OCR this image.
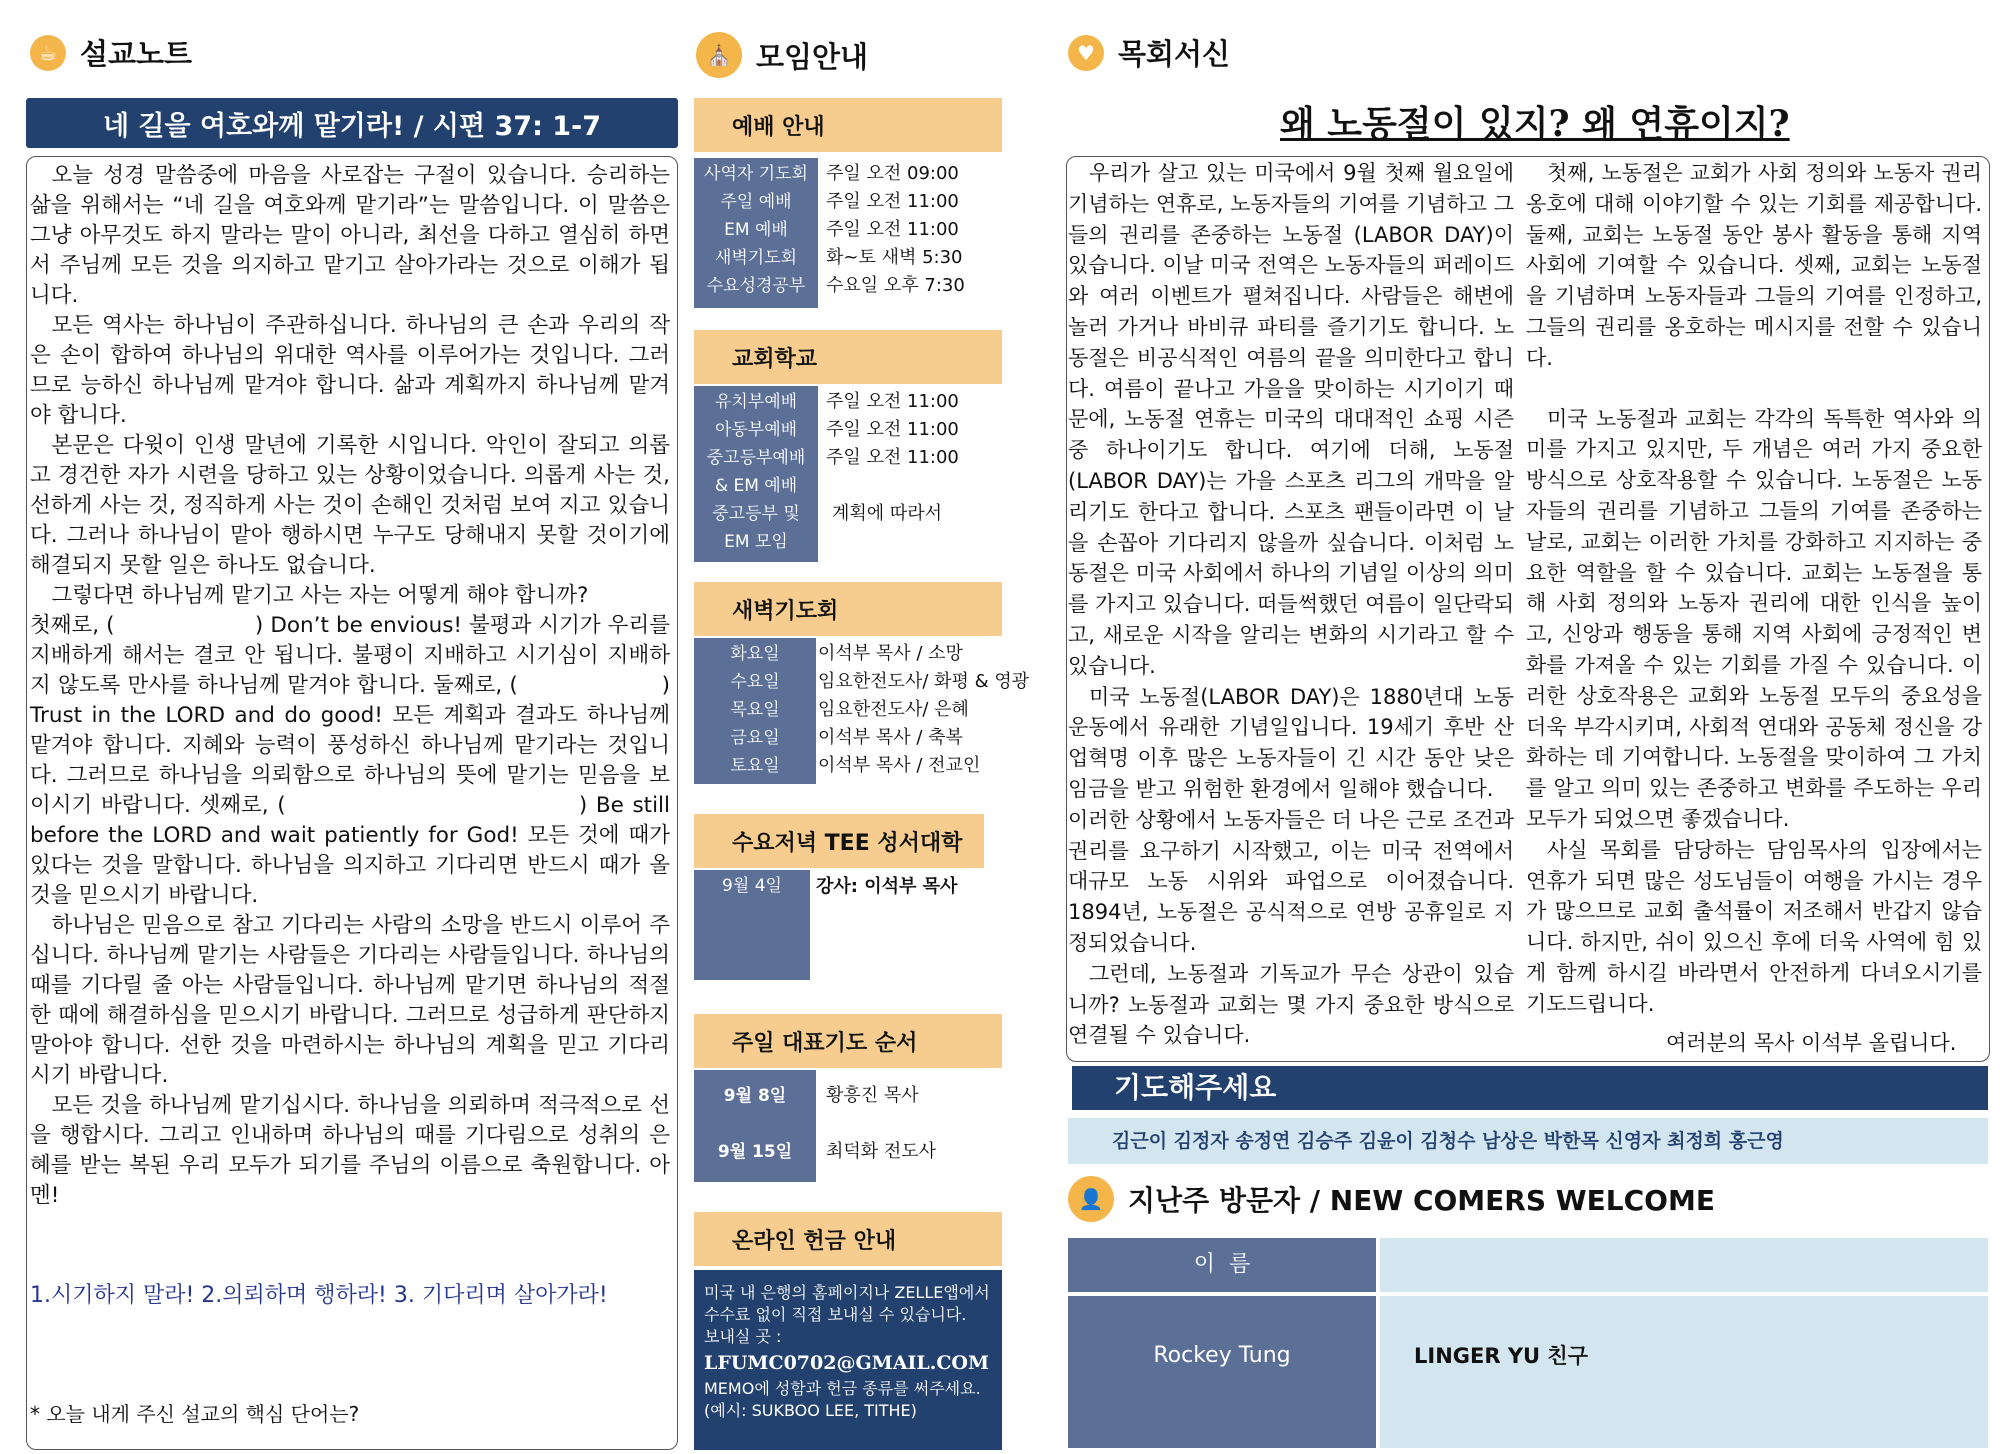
☕ 설교노트
네 길을 여호와께 맡기라! / 시편 37: 1-7

오늘 성경 말씀중에 마음을 사로잡는 구절이 있습니다. 승리하는 삶을 위해서는 “네 길을 여호와께 맡기라”는 말씀입니다. 이 말씀은 그냥 아무것도 하지 말라는 말이 아니라, 최선을 다하고 열심히 하면서 주님께 모든 것을 의지하고 맡기고 살아가라는 것으로 이해가 됩니다.

모든 역사는 하나님이 주관하십니다. 하나님의 큰 손과 우리의 작은 손이 합하여 하나님의 위대한 역사를 이루어가는 것입니다. 그러므로 능하신 하나님께 맡겨야 합니다. 삶과 계획까지 하나님께 맡겨야 합니다.

본문은 다윗이 인생 말년에 기록한 시입니다. 악인이 잘되고 의롭고 경건한 자가 시련을 당하고 있는 상황이었습니다. 의롭게 사는 것, 선하게 사는 것, 정직하게 사는 것이 손해인 것처럼 보여 지고 있습니다. 그러나 하나님이 맡아 행하시면 누구도 당해내지 못할 것이기에 해결되지 못할 일은 하나도 없습니다.

그렇다면 하나님께 맡기고 사는 자는 어떻게 해야 합니까?

첫째로, (                    ) Don’t be envious! 불평과 시기가 우리를 지배하게 해서는 결코 안 됩니다. 불평이 지배하고 시기심이 지배하지 않도록 만사를 하나님께 맡겨야 합니다. 둘째로, (                    ) Trust in the LORD and do good! 모든 계획과 결과도 하나님께 맡겨야 합니다. 지혜와 능력이 풍성하신 하나님께 맡기라는 것입니다. 그러므로 하나님을 의뢰함으로 하나님의 뜻에 맡기는 믿음을 보이시기 바랍니다. 셋째로, (                                  ) Be still before the LORD and wait patiently for God! 모든 것에 때가 있다는 것을 말합니다. 하나님을 의지하고 기다리면 반드시 때가 올 것을 믿으시기 바랍니다.

하나님은 믿음으로 참고 기다리는 사람의 소망을 반드시 이루어 주십니다. 하나님께 맡기는 사람들은 기다리는 사람들입니다. 하나님의 때를 기다릴 줄 아는 사람들입니다. 하나님께 맡기면 하나님의 적절한 때에 해결하심을 믿으시기 바랍니다. 그러므로 성급하게 판단하지 말아야 합니다. 선한 것을 마련하시는 하나님의 계획을 믿고 기다리시기 바랍니다.

모든 것을 하나님께 맡기십시다. 하나님을 의뢰하며 적극적으로 선을 행합시다. 그리고 인내하며 하나님의 때를 기다림으로 성취의 은혜를 받는 복된 우리 모두가 되기를 주님의 이름으로 축원합니다. 아멘!

1.시기하지 말라! 2.의뢰하며 행하라! 3. 기다리며 살아가라!
* 오늘 내게 주신 설교의 핵심 단어는?
⛪ 모임안내
예배 안내
사역자 기도회
주일 예배
EM 예배
새벽기도회
수요성경공부
주일 오전 09:00
주일 오전 11:00
주일 오전 11:00
화~토 새벽 5:30
수요일 오후 7:30
교회학교
유치부예배
아동부예배
중고등부예배
& EM 예배
중고등부 및
EM 모임
주일 오전 11:00
주일 오전 11:00
주일 오전 11:00
계획에 따라서
새벽기도회
화요일
수요일
목요일
금요일
토요일
이석부 목사 / 소망
임요한전도사/ 화평 & 영광
임요한전도사/ 은혜
이석부 목사 / 축복
이석부 목사 / 전교인
수요저녁 TEE 성서대학
9월 4일	강사: 이석부 목사
주일 대표기도 순서
9월 8일
9월 15일
황흥진 목사
최덕화 전도사
온라인 헌금 안내
미국 내 은행의 홈페이지나 ZELLE앱에서
수수료 없이 직접 보내실 수 있습니다.
보내실 곳 :
LFUMC0702@GMAIL.COM
MEMO에 성함과 헌금 종류를 써주세요.
(예시: SUKBOO LEE, TITHE)
♥ 목회서신
왜 노동절이 있지? 왜 연휴이지?

우리가 살고 있는 미국에서 9월 첫째 월요일에 기념하는 연휴로, 노동자들의 기여를 기념하고 그들의 권리를 존중하는 노동절 (LABOR DAY)이 있습니다. 이날 미국 전역은 노동자들의 퍼레이드와 여러 이벤트가 펼쳐집니다. 사람들은 해변에 놀러 가거나 바비큐 파티를 즐기기도 합니다. 노동절은 비공식적인 여름의 끝을 의미한다고 합니다. 여름이 끝나고 가을을 맞이하는 시기이기 때문에, 노동절 연휴는 미국의 대대적인 쇼핑 시즌 중 하나이기도 합니다. 여기에 더해, 노동절(LABOR DAY)는 가을 스포츠 리그의 개막을 알리기도 한다고 합니다. 스포츠 팬들이라면 이 날을 손꼽아 기다리지 않을까 싶습니다. 이처럼 노동절은 미국 사회에서 하나의 기념일 이상의 의미를 가지고 있습니다. 떠들썩했던 여름이 일단락되고, 새로운 시작을 알리는 변화의 시기라고 할 수 있습니다.

미국 노동절(LABOR DAY)은 1880년대 노동운동에서 유래한 기념일입니다. 19세기 후반 산업혁명 이후 많은 노동자들이 긴 시간 동안 낮은 임금을 받고 위험한 환경에서 일해야 했습니다.

이러한 상황에서 노동자들은 더 나은 근로 조건과 권리를 요구하기 시작했고, 이는 미국 전역에서 대규모 노동 시위와 파업으로 이어졌습니다. 1894년, 노동절은 공식적으로 연방 공휴일로 지정되었습니다.

그런데, 노동절과 기독교가 무슨 상관이 있습니까? 노동절과 교회는 몇 가지 중요한 방식으로 연결될 수 있습니다.

첫째, 노동절은 교회가 사회 정의와 노동자 권리 옹호에 대해 이야기할 수 있는 기회를 제공합니다. 둘째, 교회는 노동절 동안 봉사 활동을 통해 지역사회에 기여할 수 있습니다. 셋째, 교회는 노동절을 기념하며 노동자들과 그들의 기여를 인정하고, 그들의 권리를 옹호하는 메시지를 전할 수 있습니다.

미국 노동절과 교회는 각각의 독특한 역사와 의미를 가지고 있지만, 두 개념은 여러 가지 중요한 방식으로 상호작용할 수 있습니다. 노동절은 노동자들의 권리를 기념하고 그들의 기여를 존중하는 날로, 교회는 이러한 가치를 강화하고 지지하는 중요한 역할을 할 수 있습니다. 교회는 노동절을 통해 사회 정의와 노동자 권리에 대한 인식을 높이고, 신앙과 행동을 통해 지역 사회에 긍정적인 변화를 가져올 수 있는 기회를 가질 수 있습니다. 이러한 상호작용은 교회와 노동절 모두의 중요성을 더욱 부각시키며, 사회적 연대와 공동체 정신을 강화하는 데 기여합니다. 노동절을 맞이하여 그 가치를 알고 의미 있는 존중하고 변화를 주도하는 우리 모두가 되었으면 좋겠습니다.

사실 목회를 담당하는 담임목사의 입장에서는 연휴가 되면 많은 성도님들이 여행을 가시는 경우가 많으므로 교회 출석률이 저조해서 반갑지 않습니다. 하지만, 쉬이 있으신 후에 더욱 사역에 힘 있게 함께 하시길 바라면서 안전하게 다녀오시기를 기도드립니다.

여러분의 목사 이석부 올립니다.

기도해주세요
김근이 김정자 송정연 김승주 김윤이 김청수 남상은 박한목 신영자 최정희 홍근영
👤 지난주 방문자 / NEW COMERS WELCOME
이  름
Rockey Tung	LINGER YU 친구
